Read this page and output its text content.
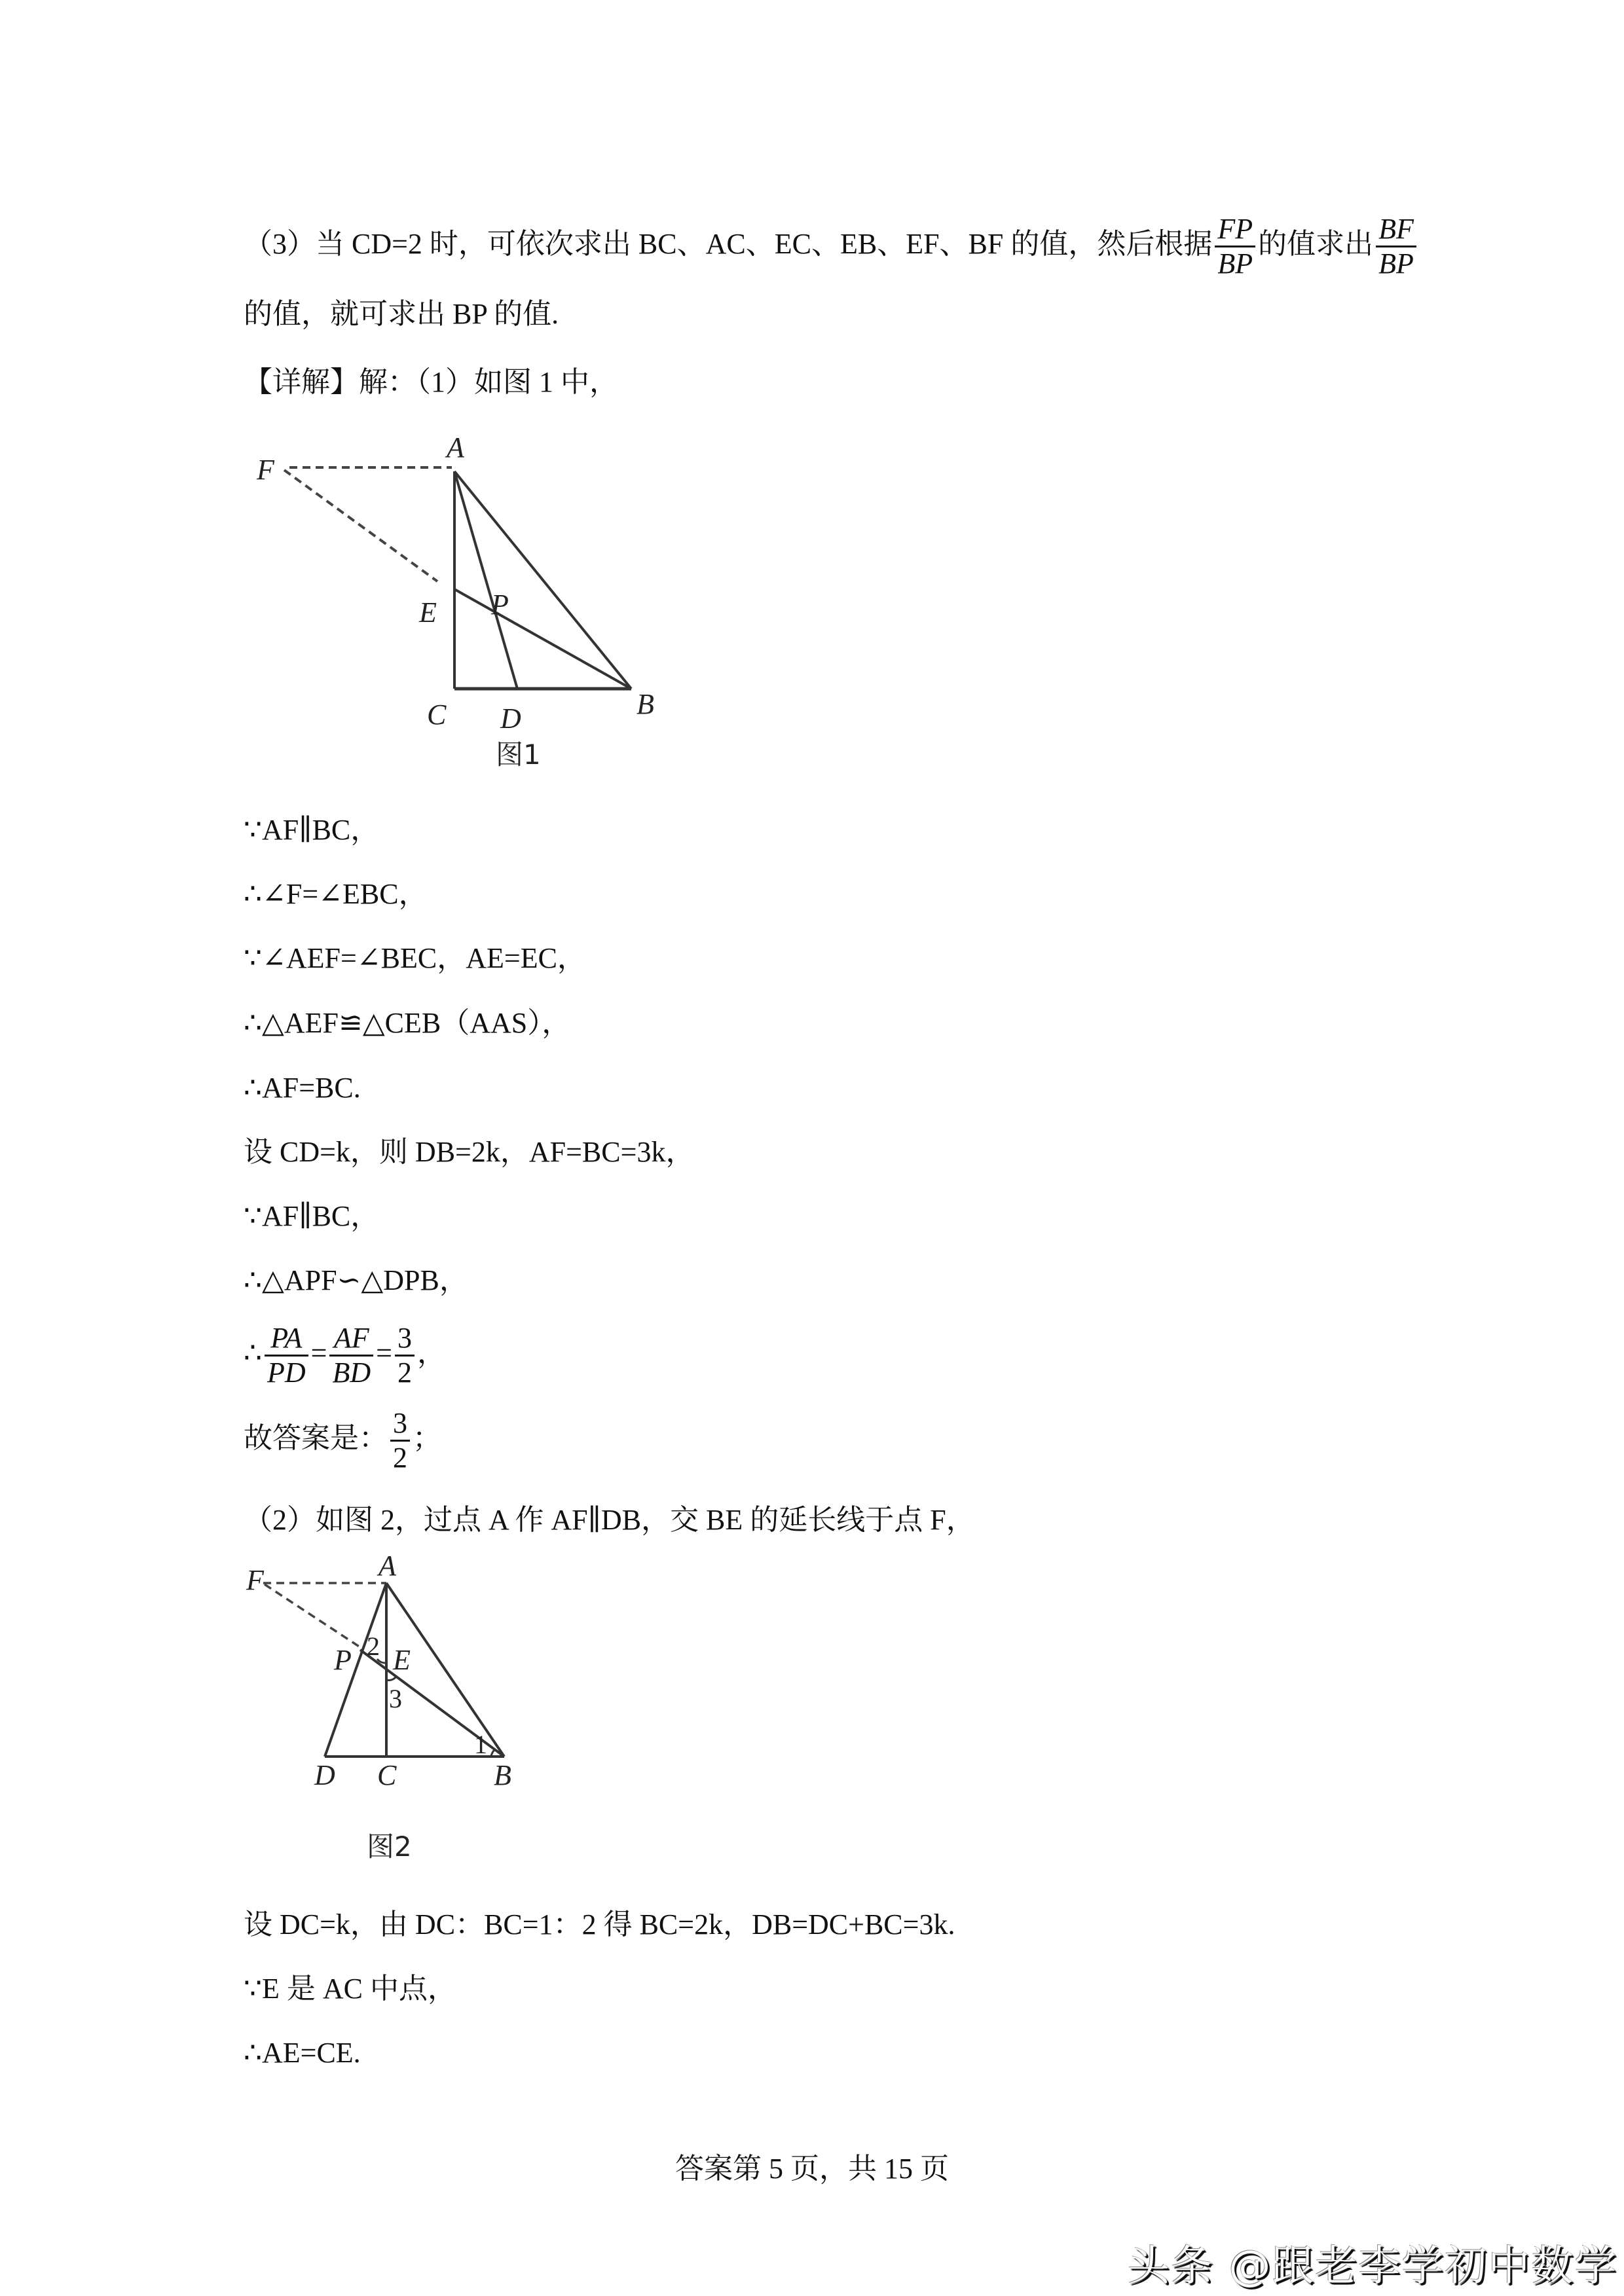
（3）当 CD=2 时，可依次求出 BC、AC、EC、EB、EF、BF 的值，然后根据 $\frac{FP}{BP}$ 的值求出 $\frac{BF}{BP}$
的值，就可求出 BP 的值.
【详解】解：（1）如图 1 中，
A
F
E P
C D	B
图1
∵AF∥BC，
∴∠F=∠EBC，
∵∠AEF=∠BEC，AE=EC，
∴△AEF≌△CEB（AAS），
∴AF=BC.
设 CD=k，则 DB=2k，AF=BC=3k，
∵AF∥BC，
∴△APF∽△DPB，
∴ $\frac{PA}{PD} = \frac{AF}{BD} = \frac{3}{2}$ ，
故答案是： $\frac{3}{2}$ ；
（2）如图 2，过点 A 作 AF∥DB，交 BE 的延长线于点 F，
A
F
P E
2
3
1
D C	B
图2
设 DC=k，由 DC：BC=1：2 得 BC=2k，DB=DC+BC=3k.
∵E 是 AC 中点，
∴AE=CE.
答案第 5 页，共 15 页
头条 @跟老李学初中数学
